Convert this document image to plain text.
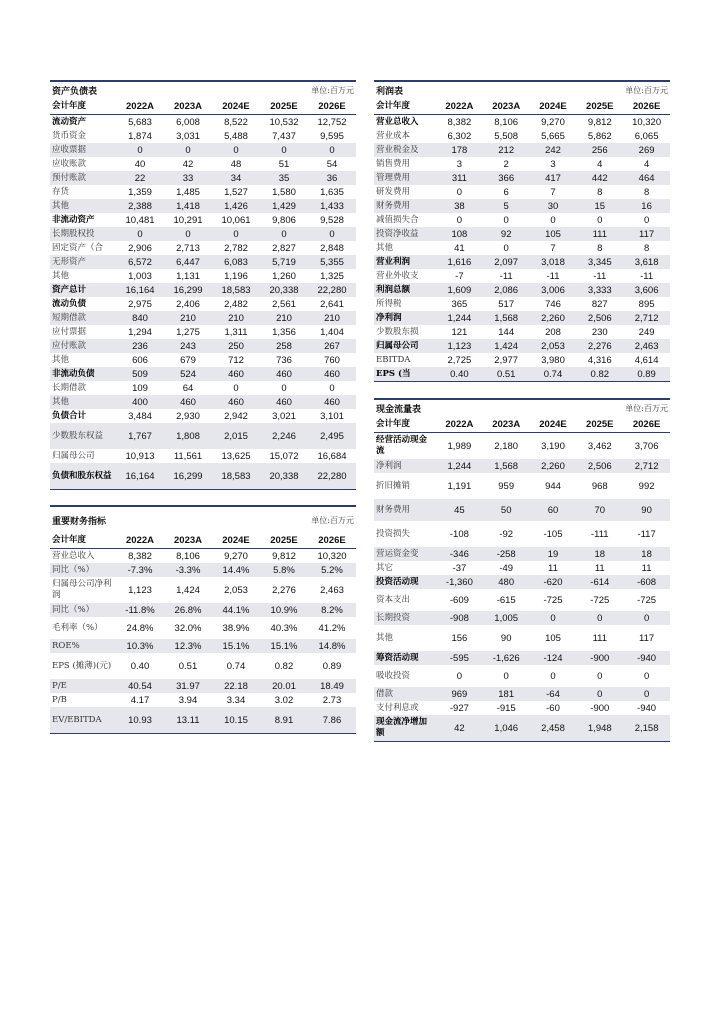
资产负债表				单位:百万元	
会计年度	2022A	2023A	2024E	2025E	2026E
流动资产	5,683	6,008	8,522	10,532	12,752
货币资金	1,874	3,031	5,488	7,437	9,595
应收票据	0	0	0	0	0
应收账款	40	42	48	51	54
预付账款	22	33	34	35	36
存货	1,359	1,485	1,527	1,580	1,635
其他	2,388	1,418	1,426	1,429	1,433
非流动资产	10,481	10,291	10,061	9,806	9,528
长期股权投	0	0	0	0	0
固定资产（合	2,906	2,713	2,782	2,827	2,848
无形资产	6,572	6,447	6,083	5,719	5,355
其他	1,003	1,131	1,196	1,260	1,325
资产总计	16,164	16,299	18,583	20,338	22,280
流动负债	2,975	2,406	2,482	2,561	2,641
短期借款	840	210	210	210	210
应付票据	1,294	1,275	1,311	1,356	1,404
应付账款	236	243	250	258	267
其他	606	679	712	736	760
非流动负债	509	524	460	460	460
长期借款	109	64	0	0	0
其他	400	460	460	460	460
负债合计	3,484	2,930	2,942	3,021	3,101
少数股东权益	1,767	1,808	2,015	2,246	2,495
归属母公司	10,913	11,561	13,625	15,072	16,684
负债和股东权益	16,164	16,299	18,583	20,338	22,280
重要财务指标				单位:百万元	
会计年度	2022A	2023A	2024E	2025E	2026E
营业总收入	8,382	8,106	9,270	9,812	10,320
同比（%）	-7.3%	-3.3%	14.4%	5.8%	5.2%
归属母公司净利润	1,123	1,424	2,053	2,276	2,463
同比（%）	-11.8%	26.8%	44.1%	10.9%	8.2%
毛利率（%）	24.8%	32.0%	38.9%	40.3%	41.2%
ROE%	10.3%	12.3%	15.1%	15.1%	14.8%
EPS (摊薄)(元)	0.40	0.51	0.74	0.82	0.89
P/E	40.54	31.97	22.18	20.01	18.49
P/B	4.17	3.94	3.34	3.02	2.73
EV/EBITDA	10.93	13.11	10.15	8.91	7.86
利润表				单位:百万元	
会计年度	2022A	2023A	2024E	2025E	2026E
营业总收入	8,382	8,106	9,270	9,812	10,320
营业成本	6,302	5,508	5,665	5,862	6,065
营业税金及	178	212	242	256	269
销售费用	3	2	3	4	4
管理费用	311	366	417	442	464
研发费用	0	6	7	8	8
财务费用	38	5	30	15	16
减值损失合	0	0	0	0	0
投资净收益	108	92	105	111	117
其他	41	0	7	8	8
营业利润	1,616	2,097	3,018	3,345	3,618
营业外收支	-7	-11	-11	-11	-11
利润总额	1,609	2,086	3,006	3,333	3,606
所得税	365	517	746	827	895
净利润	1,244	1,568	2,260	2,506	2,712
少数股东损	121	144	208	230	249
归属母公司	1,123	1,424	2,053	2,276	2,463
EBITDA	2,725	2,977	3,980	4,316	4,614
EPS (当	0.40	0.51	0.74	0.82	0.89
现金流量表				单位:百万元	
会计年度	2022A	2023A	2024E	2025E	2026E
经营活动现金流	1,989	2,180	3,190	3,462	3,706
净利润	1,244	1,568	2,260	2,506	2,712
折旧摊销	1,191	959	944	968	992
财务费用	45	50	60	70	90
投资损失	-108	-92	-105	-111	-117
营运资金变	-346	-258	19	18	18
其它	-37	-49	11	11	11
投资活动现	-1,360	480	-620	-614	-608
资本支出	-609	-615	-725	-725	-725
长期投资	-908	1,005	0	0	0
其他	156	90	105	111	117
筹资活动现	-595	-1,626	-124	-900	-940
吸收投资	0	0	0	0	0
借款	969	181	-64	0	0
支付利息或	-927	-915	-60	-900	-940
现金流净增加额	42	1,046	2,458	1,948	2,158
